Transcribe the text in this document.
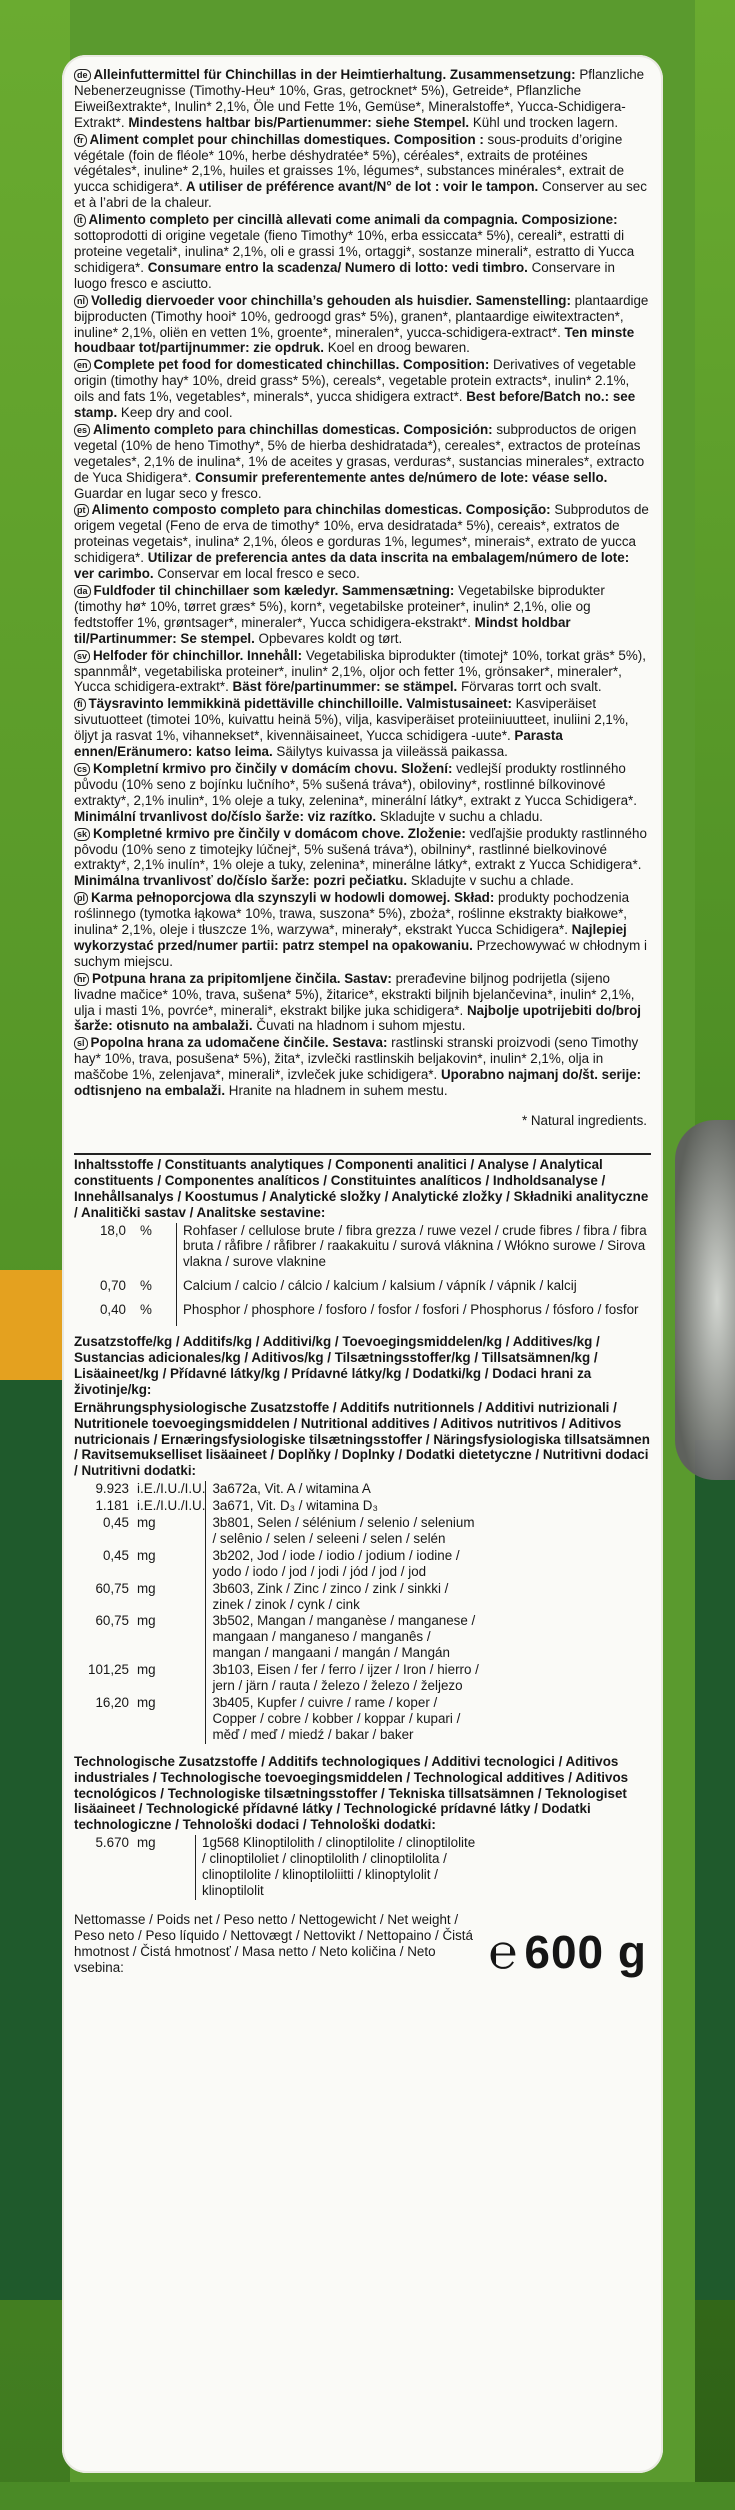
de Alleinfuttermittel für Chinchillas in der Heimtierhaltung. Zusammensetzung: Pflanzliche Nebenerzeugnisse (Timothy-Heu* 10%, Gras, getrocknet* 5%), Getreide*, Pflanzliche Eiweißextrakte*, Inulin* 2,1%, Öle und Fette 1%, Gemüse*, Mineralstoffe*, Yucca-Schidigera-Extrakt*. Mindestens haltbar bis/Partienummer: siehe Stempel. Kühl und trocken lagern.
fr Aliment complet pour chinchillas domestiques. Composition : sous-produits d’origine végétale (foin de fléole* 10%, herbe déshydratée* 5%), céréales*, extraits de protéines végétales*, inuline* 2,1%, huiles et graisses 1%, légumes*, substances minérales*, extrait de yucca schidigera*. A utiliser de préférence avant/N° de lot : voir le tampon. Conserver au sec et à l’abri de la chaleur.
it Alimento completo per cincillà allevati come animali da compagnia. Composizione: sottoprodotti di origine vegetale (fieno Timothy* 10%, erba essiccata* 5%), cereali*, estratti di proteine vegetali*, inulina* 2,1%, oli e grassi 1%, ortaggi*, sostanze minerali*, estratto di Yucca schidigera*. Consumare entro la scadenza/ Numero di lotto: vedi timbro. Conservare in luogo fresco e asciutto.
nl Volledig diervoeder voor chinchilla’s gehouden als huisdier. Samenstelling: plantaardige bijproducten (Timothy hooi* 10%, gedroogd gras* 5%), granen*, plantaardige eiwitextracten*, inuline* 2,1%, oliën en vetten 1%, groente*, mineralen*, yucca-schidigera-extract*. Ten minste houdbaar tot/partijnummer: zie opdruk. Koel en droog bewaren.
en Complete pet food for domesticated chinchillas. Composition: Derivatives of vegetable origin (timothy hay* 10%, dreid grass* 5%), cereals*, vegetable protein extracts*, inulin* 2.1%, oils and fats 1%, vegetables*, minerals*, yucca shidigera extract*. Best before/Batch no.: see stamp. Keep dry and cool.
es Alimento completo para chinchillas domesticas. Composición: subproductos de origen vegetal (10% de heno Timothy*, 5% de hierba deshidratada*), cereales*, extractos de proteínas vegetales*, 2,1% de inulina*, 1% de aceites y grasas, verduras*, sustancias minerales*, extracto de Yuca Shidigera*. Consumir preferentemente antes de/número de lote: véase sello. Guardar en lugar seco y fresco.
pt Alimento composto completo para chinchilas domesticas. Composição: Subprodutos de origem vegetal (Feno de erva de timothy* 10%, erva desidratada* 5%), cereais*, extratos de proteinas vegetais*, inulina* 2,1%, óleos e gorduras 1%, legumes*, minerais*, extrato de yucca schidigera*. Utilizar de preferencia antes da data inscrita na embalagem/número de lote: ver carimbo. Conservar em local fresco e seco.
da Fuldfoder til chinchillaer som kæledyr. Sammensætning: Vegetabilske biprodukter (timothy hø* 10%, tørret græs* 5%), korn*, vegetabilske proteiner*, inulin* 2,1%, olie og fedtstoffer 1%, grøntsager*, mineraler*, Yucca schidigera-ekstrakt*. Mindst holdbar til/Partinummer: Se stempel. Opbevares koldt og tørt.
sv Helfoder för chinchillor. Innehåll: Vegetabiliska biprodukter (timotej* 10%, torkat gräs* 5%), spannmål*, vegetabiliska proteiner*, inulin* 2,1%, oljor och fetter 1%, grönsaker*, mineraler*, Yucca schidigera-extrakt*. Bäst före/partinummer: se stämpel. Förvaras torrt och svalt.
fi Täysravinto lemmikkinä pidettäville chinchilloille. Valmistusaineet: Kasviperäiset sivutuotteet (timotei 10%, kuivattu heinä 5%), vilja, kasviperäiset proteiiniuutteet, inuliini 2,1%, öljyt ja rasvat 1%, vihannekset*, kivennäisaineet, Yucca schidigera -uute*. Parasta ennen/Eränumero: katso leima. Säilytys kuivassa ja viileässä paikassa.
cs Kompletní krmivo pro činčily v domácím chovu. Složení: vedlejší produkty rostlinného původu (10% seno z bojínku lučního*, 5% sušená tráva*), obiloviny*, rostlinné bílkovinové extrakty*, 2,1% inulin*, 1% oleje a tuky, zelenina*, minerální látky*, extrakt z Yucca Schidigera*. Minimální trvanlivost do/číslo šarže: viz razítko. Skladujte v suchu a chladu.
sk Kompletné krmivo pre činčily v domácom chove. Zloženie: vedľajšie produkty rastlinného pôvodu (10% seno z timotejky lúčnej*, 5% sušená tráva*), obilniny*, rastlinné bielkovinové extrakty*, 2,1% inulín*, 1% oleje a tuky, zelenina*, minerálne látky*, extrakt z Yucca Schidigera*. Minimálna trvanlivosť do/číslo šarže: pozri pečiatku. Skladujte v suchu a chlade.
pl Karma pełnoporcjowa dla szynszyli w hodowli domowej. Skład: produkty pochodzenia roślinnego (tymotka łąkowa* 10%, trawa, suszona* 5%), zboża*, roślinne ekstrakty białkowe*, inulina* 2,1%, oleje i tłuszcze 1%, warzywa*, minerały*, ekstrakt Yucca Schidigera*. Najlepiej wykorzystać przed/numer partii: patrz stempel na opakowaniu. Przechowywać w chłodnym i suchym miejscu.
hr Potpuna hrana za pripitomljene činčila. Sastav: prerađevine biljnog podrijetla (sijeno livadne mačice* 10%, trava, sušena* 5%), žitarice*, ekstrakti biljnih bjelančevina*, inulin* 2,1%, ulja i masti 1%, povrće*, minerali*, ekstrakt biljke juka schidigera*. Najbolje upotrijebiti do/broj šarže: otisnuto na ambalaži. Čuvati na hladnom i suhom mjestu.
sl Popolna hrana za udomačene činčile. Sestava: rastlinski stranski proizvodi (seno Timothy hay* 10%, trava, posušena* 5%), žita*, izvlečki rastlinskih beljakovin*, inulin* 2,1%, olja in maščobe 1%, zelenjava*, minerali*, izvleček juke schidigera*. Uporabno najmanj do/št. serije: odtisnjeno na embalaži. Hranite na hladnem in suhem mestu.
* Natural ingredients.
Inhaltsstoffe / Constituants analytiques / Componenti analitici / Analyse / Analytical constituents / Componentes analíticos / Constituintes analíticos / Indholdsanalyse / Innehållsanalys / Koostumus / Analytické složky / Analytické zložky / Składniki analityczne / Analitički sastav / Analitske sestavine:
18,0	%	Rohfaser / cellulose brute / fibra grezza / ruwe vezel / crude fibres / fibra / fibra bruta / råfibre / råfibrer / raakakuitu / surová vláknina / Włókno surowe / Sirova vlakna / surove vlaknine
0,70	%	Calcium / calcio / cálcio / kalcium / kalsium / vápník / vápnik / kalcij
0,40	%	Phosphor / phosphore / fosforo / fosfor / fosfori / Phosphorus / fósforo / fosfor
Zusatzstoffe/kg / Additifs/kg / Additivi/kg / Toevoegingsmiddelen/kg / Additives/kg / Sustancias adicionales/kg / Aditivos/kg / Tilsætningsstoffer/kg / Tillsatsämnen/kg / Lisäaineet/kg / Přídavné látky/kg / Prídavné látky/kg / Dodatki/kg / Dodaci hrani za životinje/kg:
Ernährungsphysiologische Zusatzstoffe / Additifs nutritionnels / Additivi nutrizionali / Nutritionele toevoegingsmiddelen / Nutritional additives / Aditivos nutritivos / Aditivos nutricionais / Ernæringsfysiologiske tilsætningsstoffer / Näringsfysiologiska tillsatsämnen / Ravitsemukselliset lisäaineet / Doplňky / Doplnky / Dodatki dietetyczne / Nutritivni dodaci / Nutritivni dodatki:
9.923	i.E./I.U./I.U.	3a672a, Vit. A / witamina A
1.181	i.E./I.U./I.U.	3a671, Vit. D₃ / witamina D₃
0,45	mg	3b801, Selen / sélénium / selenio / selenium / selênio / selen / seleeni / selen / selén
0,45	mg	3b202, Jod / iode / iodio / jodium / iodine / yodo / iodo / jod / jodi / jód / jod / jod
60,75	mg	3b603, Zink / Zinc / zinco / zink / sinkki / zinek / zinok / cynk / cink
60,75	mg	3b502, Mangan / manganèse / manganese / mangaan / manganeso / manganês / mangan / mangaani / mangán / Mangán
101,25	mg	3b103, Eisen / fer / ferro / ijzer / Iron / hierro / jern / järn / rauta / železo / železo / željezo
16,20	mg	3b405, Kupfer / cuivre / rame / koper / Copper / cobre / kobber / koppar / kupari / měď / meď / miedź / bakar / baker
Technologische Zusatzstoffe / Additifs technologiques / Additivi tecnologici / Aditivos industriales / Technologische toevoegingsmiddelen / Technological additives / Aditivos tecnológicos / Technologiske tilsætningsstoffer / Tekniska tillsatsämnen / Teknologiset lisäaineet / Technologické přídavné látky / Technologické prídavné látky / Dodatki technologiczne / Tehnološki dodaci / Tehnološki dodatki:
5.670	mg	1g568 Klinoptilolith / clinoptilolite / clinoptilolite / clinoptiloliet / clinoptilolith / clinoptilolita / clinoptilolite / klinoptiloliitti / klinoptylolit / klinoptilolit
Nettomasse / Poids net / Peso netto / Nettogewicht / Net weight / Peso neto / Peso líquido / Nettovægt / Nettovikt / Nettopaino / Čistá hmotnost / Čistá hmotnosť / Masa netto / Neto količina / Neto vsebina:	℮ 600 g
